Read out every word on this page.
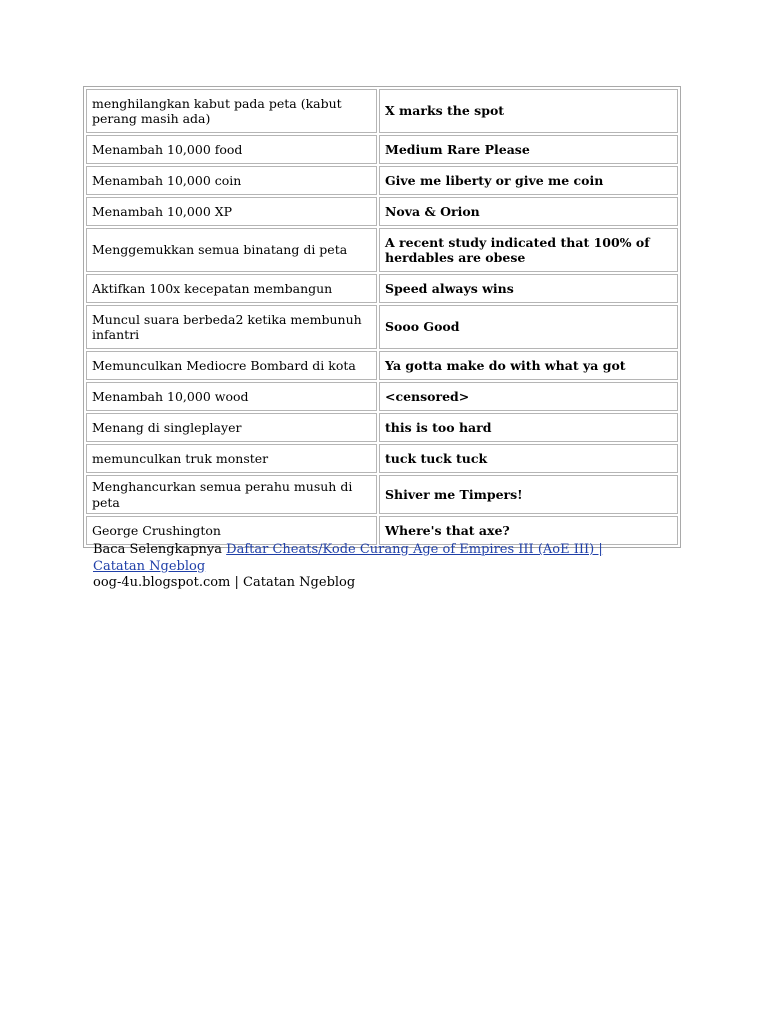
menghilangkan kabut pada peta (kabut perang masih ada)	X marks the spot
Menambah 10,000 food	Medium Rare Please
Menambah 10,000 coin	Give me liberty or give me coin
Menambah 10,000 XP	Nova & Orion
Menggemukkan semua binatang di peta	A recent study indicated that 100% of herdables are obese
Aktifkan 100x kecepatan membangun	Speed always wins
Muncul suara berbeda2 ketika membunuh infantri	Sooo Good
Memunculkan Mediocre Bombard di kota	Ya gotta make do with what ya got
Menambah 10,000 wood	<censored>
Menang di singleplayer	this is too hard
memunculkan truk monster	tuck tuck tuck
Menghancurkan semua perahu musuh di peta	Shiver me Timpers!
George Crushington	Where's that axe?
Baca Selengkapnya Daftar Cheats/Kode Curang Age of Empires III (AoE III) | Catatan Ngeblog
oog-4u.blogspot.com | Catatan Ngeblog
